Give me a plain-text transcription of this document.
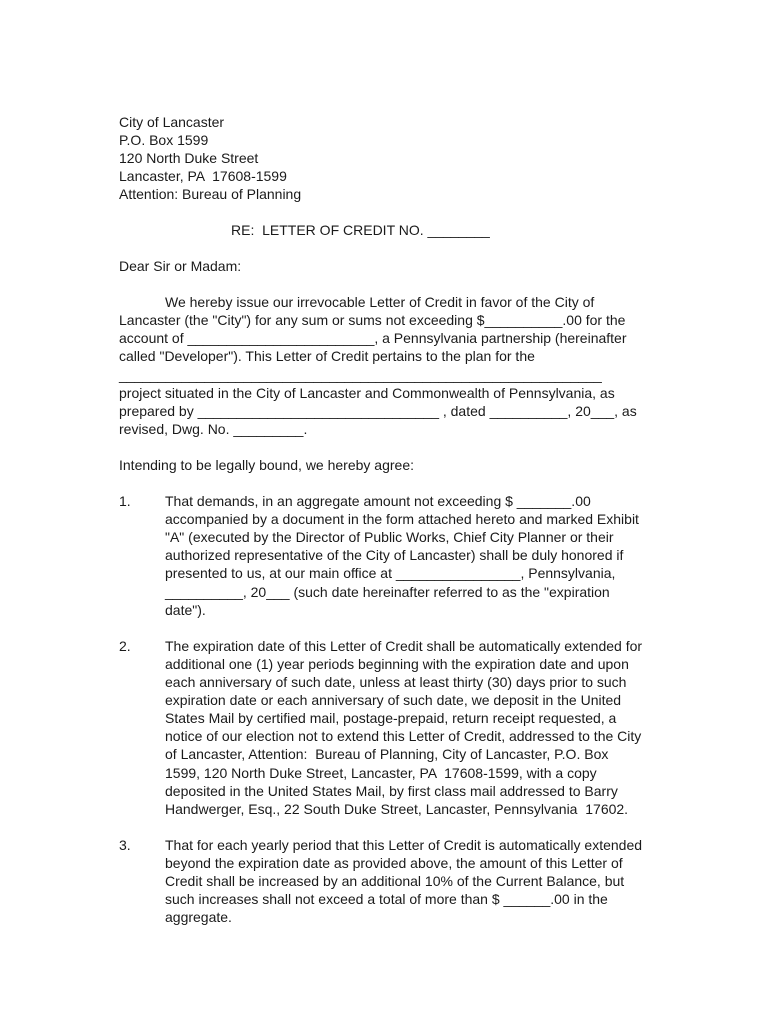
City of Lancaster

P.O. Box 1599

120 North Duke Street

Lancaster, PA  17608-1599

Attention: Bureau of Planning

RE:  LETTER OF CREDIT NO. ________

Dear Sir or Madam:

We hereby issue our irrevocable Letter of Credit in favor of the City of

Lancaster (the "City") for any sum or sums not exceeding $__________.00 for the

account of ________________________, a Pennsylvania partnership (hereinafter

called "Developer"). This Letter of Credit pertains to the plan for the

______________________________________________________________

project situated in the City of Lancaster and Commonwealth of Pennsylvania, as

prepared by _______________________________ , dated __________, 20___, as

revised, Dwg. No. _________.

Intending to be legally bound, we hereby agree:

1. That demands, in an aggregate amount not exceeding $ _______.00

accompanied by a document in the form attached hereto and marked Exhibit

"A" (executed by the Director of Public Works, Chief City Planner or their

authorized representative of the City of Lancaster) shall be duly honored if

presented to us, at our main office at ________________, Pennsylvania,

__________, 20___ (such date hereinafter referred to as the "expiration

date").

2. The expiration date of this Letter of Credit shall be automatically extended for

additional one (1) year periods beginning with the expiration date and upon

each anniversary of such date, unless at least thirty (30) days prior to such

expiration date or each anniversary of such date, we deposit in the United

States Mail by certified mail, postage-prepaid, return receipt requested, a

notice of our election not to extend this Letter of Credit, addressed to the City

of Lancaster, Attention:  Bureau of Planning, City of Lancaster, P.O. Box

1599, 120 North Duke Street, Lancaster, PA  17608-1599, with a copy

deposited in the United States Mail, by first class mail addressed to Barry

Handwerger, Esq., 22 South Duke Street, Lancaster, Pennsylvania  17602.

3. That for each yearly period that this Letter of Credit is automatically extended

beyond the expiration date as provided above, the amount of this Letter of

Credit shall be increased by an additional 10% of the Current Balance, but

such increases shall not exceed a total of more than $ ______.00 in the

aggregate.
